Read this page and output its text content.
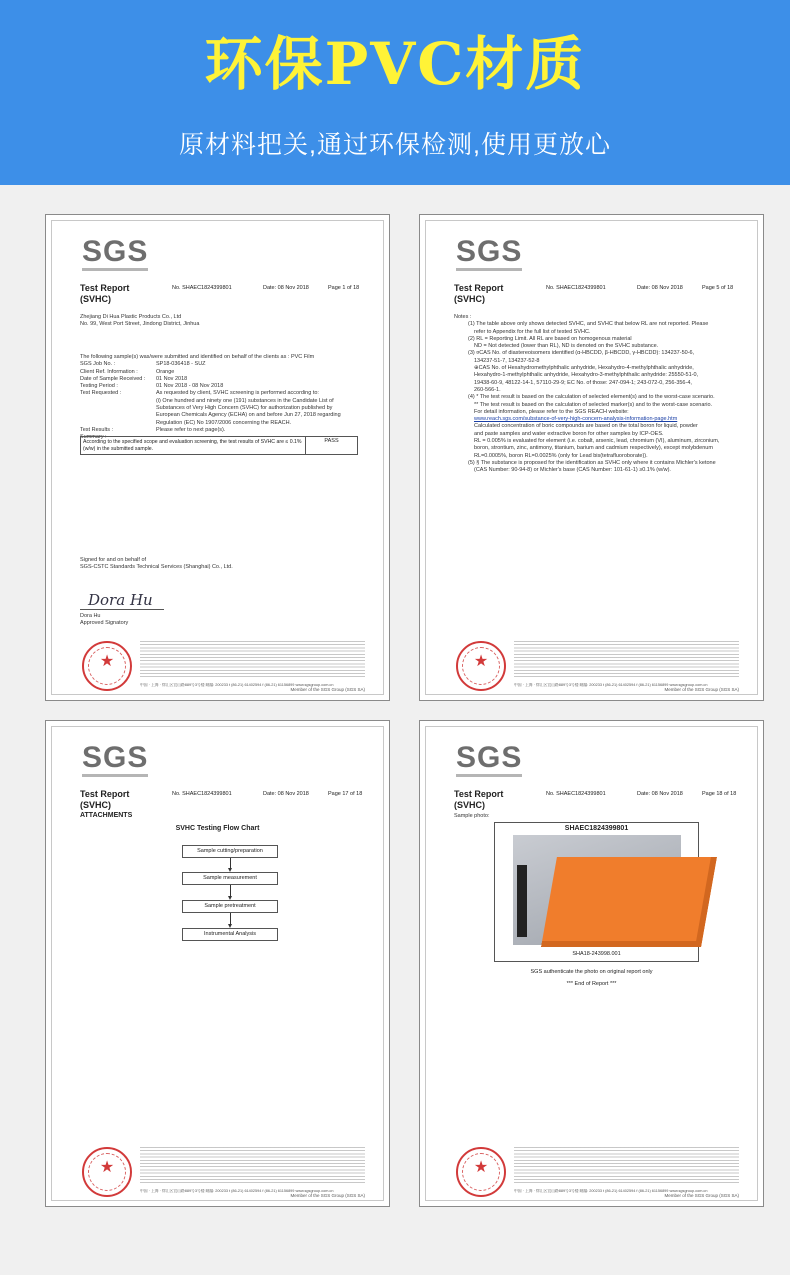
环保PVC材质
原材料把关,通过环保检测,使用更放心
SGS
Test Report
(SVHC)
No. SHAEC1824399801	Date: 08 Nov 2018	Page 1 of 18
Zhejiang Di Hua Plastic Products Co., Ltd
No. 99, West Port Street, Jindong District, Jinhua
The following sample(s) was/were submitted and identified on behalf of the clients as : PVC Film
SGS Job No. :	SP18-036418 - SUZ
Client Ref. Information :	Orange
Date of Sample Received : 01 Nov 2018
Testing Period :	01 Nov 2018 - 08 Nov 2018
Test Requested :	As requested by client, SVHC screening is performed according to:
(i) One hundred and ninety one (191) substances in the Candidate List of
Substances of Very High Concern (SVHC) for authorization published by
European Chemicals Agency (ECHA) on and before Jun 27, 2018 regarding
Regulation (EC) No 1907/2006 concerning the REACH.
Test Results :	Please refer to next page(s).
Summary :
According to the specified scope and evaluation screening, the test results of SVHC are ≤ 0.1% (w/w) in the submitted sample.
PASS
Signed for and on behalf of
SGS-CSTC Standards Technical Services (Shanghai) Co., Ltd.
Dora Hu
Dora Hu
Approved Signatory
★
中国 · 上海 · 徐汇区宜山路889号3号楼 邮编: 200233 t (86-21) 61402594 f (86-21) 61156899 www.sgsgroup.com.cn
Member of the SGS Group (SGS SA)
SGS
Test Report
(SVHC)
No. SHAEC1824399801	Date: 08 Nov 2018	Page 5 of 18
Notes :
(1) The table above only shows detected SVHC, and SVHC that below RL are not reported. Please
refer to Appendix for the full list of tested SVHC.
(2) RL = Reporting Limit. All RL are based on homogenous material
ND = Not detected (lower than RL), ND is denoted on the SVHC substance.
(3) ¤CAS No. of diastereoisomers identified (α-HBCDD, β-HBCDD, γ-HBCDD): 134237-50-6,
134237-51-7, 134237-52-8
⊕CAS No. of Hexahydromethylphthalic anhydride, Hexahydro-4-methylphthalic anhydride,
Hexahydro-1-methylphthalic anhydride, Hexahydro-3-methylphthalic anhydride: 25550-51-0,
19438-60-9, 48122-14-1, 57110-29-9; EC No. of those: 247-094-1; 243-072-0, 256-356-4,
260-566-1.
(4) * The test result is based on the calculation of selected element(s) and to the worst-case scenario.
** The test result is based on the calculation of selected marker(s) and to the worst-case scenario.
For detail information, please refer to the SGS REACH website:
www.reach.sgs.com/substance-of-very-high-concern-analysis-information-page.htm
Calculated concentration of boric compounds are based on the total boron for liquid, powder
and paste samples and water extractive boron for other samples by ICP-OES.
RL = 0.005% is evaluated for element (i.e. cobalt, arsenic, lead, chromium (VI), aluminum, zirconium,
boron, strontium, zinc, antimony, titanium, barium and cadmium respectively), except molybdenum
RL=0.0005%, boron RL=0.0025% (only for Lead bis(tetrafluoroborate)).
(5) § The substance is proposed for the identification as SVHC only where it contains Michler's ketone
(CAS Number: 90-94-8) or Michler's base (CAS Number: 101-61-1) ≥0.1% (w/w).
★
中国 · 上海 · 徐汇区宜山路889号3号楼 邮编: 200233 t (86-21) 61402594 f (86-21) 61156899 www.sgsgroup.com.cn
Member of the SGS Group (SGS SA)
SGS
Test Report
(SVHC)
ATTACHMENTS
No. SHAEC1824399801	Date: 08 Nov 2018	Page 17 of 18
SVHC Testing Flow Chart
Sample cutting/preparation
Sample measurement
Sample pretreatment
Instrumental Analysis
★
中国 · 上海 · 徐汇区宜山路889号3号楼 邮编: 200233 t (86-21) 61402594 f (86-21) 61156899 www.sgsgroup.com.cn
Member of the SGS Group (SGS SA)
SGS
Test Report
(SVHC)
No. SHAEC1824399801	Date: 08 Nov 2018	Page 18 of 18
Sample photo:
SHAEC1824399801
SHA18-243998.001
SGS authenticate the photo on original report only
*** End of Report ***
★
中国 · 上海 · 徐汇区宜山路889号3号楼 邮编: 200233 t (86-21) 61402594 f (86-21) 61156899 www.sgsgroup.com.cn
Member of the SGS Group (SGS SA)
